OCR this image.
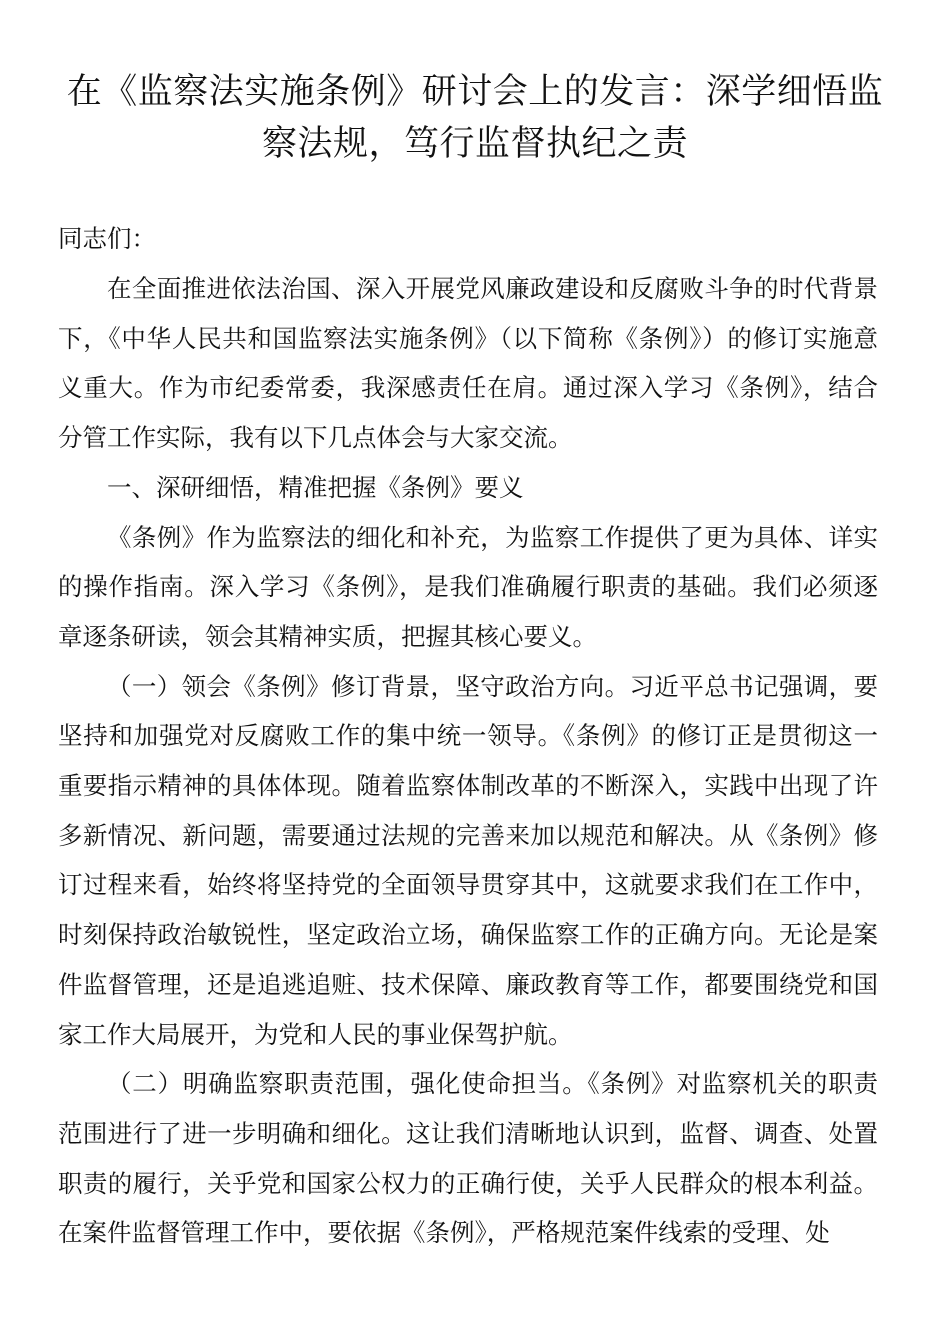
在《监察法实施条例》研讨会上的发言：深学细悟监察法规，笃行监督执纪之责
同志们：

在全面推进依法治国、深入开展党风廉政建设和反腐败斗争的时代背景下，《中华人民共和国监察法实施条例》（以下简称《条例》）的修订实施意义重大。作为市纪委常委，我深感责任在肩。通过深入学习《条例》，结合分管工作实际，我有以下几点体会与大家交流。

一、深研细悟，精准把握《条例》要义

《条例》作为监察法的细化和补充，为监察工作提供了更为具体、详实的操作指南。深入学习《条例》，是我们准确履行职责的基础。我们必须逐章逐条研读，领会其精神实质，把握其核心要义。

（一）领会《条例》修订背景，坚守政治方向。习近平总书记强调，要坚持和加强党对反腐败工作的集中统一领导。《条例》的修订正是贯彻这一重要指示精神的具体体现。随着监察体制改革的不断深入，实践中出现了许多新情况、新问题，需要通过法规的完善来加以规范和解决。从《条例》修订过程来看，始终将坚持党的全面领导贯穿其中，这就要求我们在工作中，时刻保持政治敏锐性，坚定政治立场，确保监察工作的正确方向。无论是案件监督管理，还是追逃追赃、技术保障、廉政教育等工作，都要围绕党和国家工作大局展开，为党和人民的事业保驾护航。

（二）明确监察职责范围，强化使命担当。《条例》对监察机关的职责范围进行了进一步明确和细化。这让我们清晰地认识到，监督、调查、处置职责的履行，关乎党和国家公权力的正确行使，关乎人民群众的根本利益。在案件监督管理工作中，要依据《条例》，严格规范案件线索的受理、处
